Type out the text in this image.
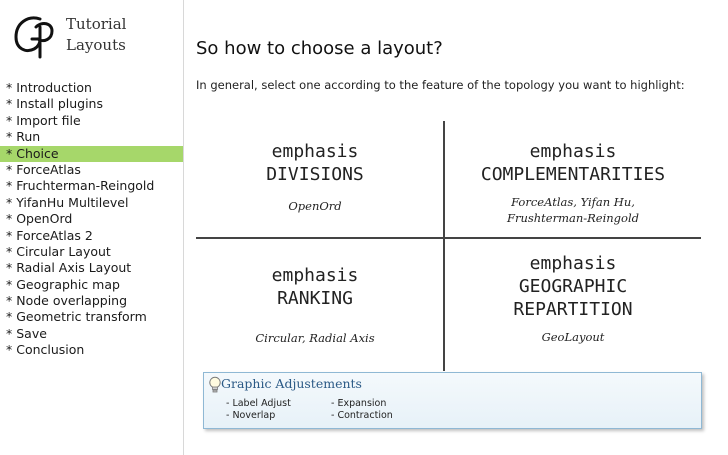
Tutorial
Layouts
* Introduction
* Install plugins
* Import file
* Run
* Choice
* ForceAtlas
* Fruchterman-Reingold
* YifanHu Multilevel
* OpenOrd
* ForceAtlas 2
* Circular Layout
* Radial Axis Layout
* Geographic map
* Node overlapping
* Geometric transform
* Save
* Conclusion
So how to choose a layout?
In general, select one according to the feature of the topology you want to highlight:
emphasis
DIVISIONS
OpenOrd
emphasis
COMPLEMENTARITIES
ForceAtlas, Yifan Hu,
Frushterman-Reingold
emphasis
RANKING
Circular, Radial Axis
emphasis
GEOGRAPHIC
REPARTITION
GeoLayout
Graphic Adjustements
- Label Adjust
- Noverlap
- Expansion
- Contraction
